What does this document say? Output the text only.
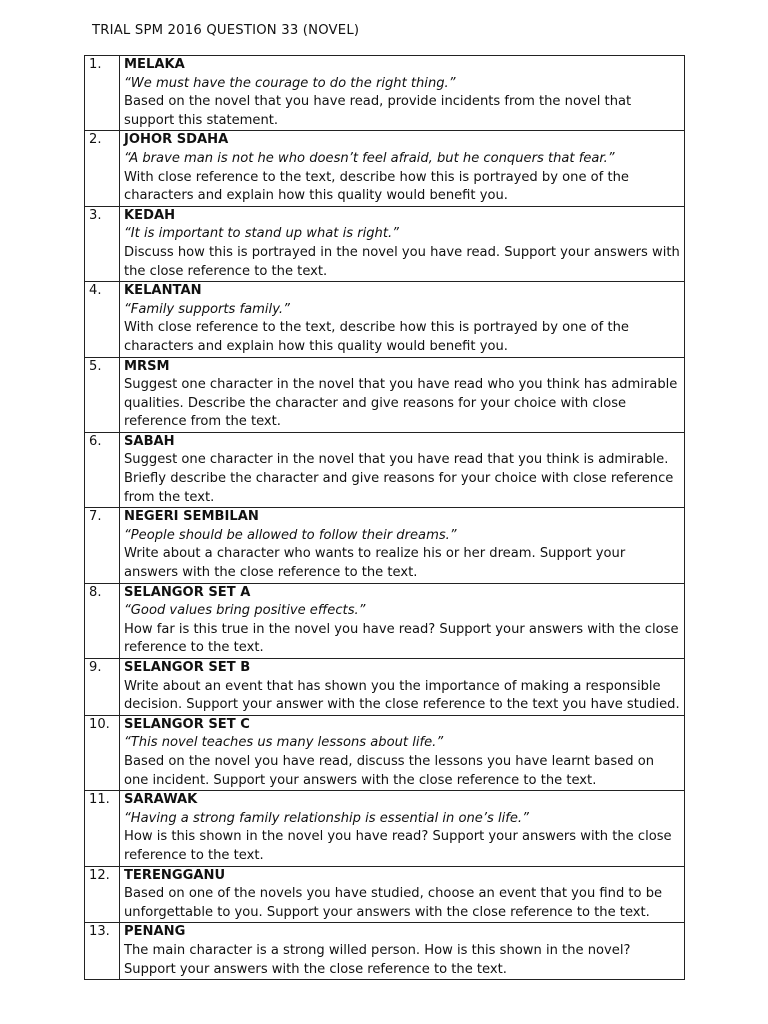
TRIAL SPM 2016 QUESTION 33 (NOVEL)
1.	MELAKA
“We must have the courage to do the right thing.”
Based on the novel that you have read, provide incidents from the novel that support this statement.

2.	JOHOR SDAHA
“A brave man is not he who doesn’t feel afraid, but he conquers that fear.”
With close reference to the text, describe how this is portrayed by one of the characters and explain how this quality would benefit you.

3.	KEDAH
“It is important to stand up what is right.”
Discuss how this is portrayed in the novel you have read. Support your answers with the close reference to the text.

4.	KELANTAN
“Family supports family.”
With close reference to the text, describe how this is portrayed by one of the characters and explain how this quality would benefit you.

5.	MRSM
Suggest one character in the novel that you have read who you think has admirable qualities. Describe the character and give reasons for your choice with close reference from the text.

6.	SABAH
Suggest one character in the novel that you have read that you think is admirable. Briefly describe the character and give reasons for your choice with close reference from the text.

7.	NEGERI SEMBILAN
“People should be allowed to follow their dreams.”
Write about a character who wants to realize his or her dream. Support your answers with the close reference to the text.

8.	SELANGOR SET A
“Good values bring positive effects.”
How far is this true in the novel you have read? Support your answers with the close reference to the text.

9.	SELANGOR SET B
Write about an event that has shown you the importance of making a responsible decision. Support your answer with the close reference to the text you have studied.

10.	SELANGOR SET C
“This novel teaches us many lessons about life.”
Based on the novel you have read, discuss the lessons you have learnt based on one incident. Support your answers with the close reference to the text.

11.	SARAWAK
“Having a strong family relationship is essential in one’s life.”
How is this shown in the novel you have read? Support your answers with the close reference to the text.

12.	TERENGGANU
Based on one of the novels you have studied, choose an event that you find to be unforgettable to you. Support your answers with the close reference to the text.

13.	PENANG
The main character is a strong willed person. How is this shown in the novel? Support your answers with the close reference to the text.
